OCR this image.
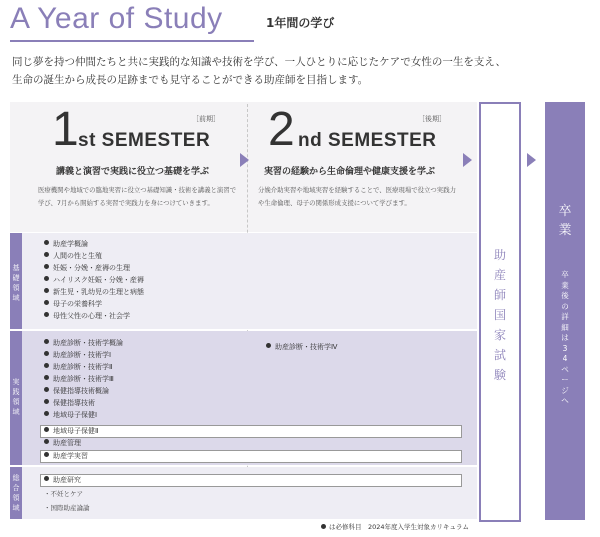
A Year of Study	1年間の学び
同じ夢を持つ仲間たちと共に実践的な知識や技術を学び、一人ひとりに応じたケアで女性の一生を支え、
生命の誕生から成長の足跡までも見守ることができる助産師を目指します。
［前期］
1 st SEMESTER
講義と演習で実践に役立つ基礎を学ぶ
医療機関や地域での臨地実習に役立つ基礎知識・技術を講義と演習で学び、7月から開始する実習で実践力を身につけていきます。
［後期］
2 nd SEMESTER
実習の経験から生命倫理や健康支援を学ぶ
分娩介助実習や地域実習を経験することで、医療現場で役立つ実践力や生命倫理、母子の関係形成支援について学びます。
基
礎
領
域
助産学概論
人間の性と生殖
妊娠・分娩・産褥の生理
ハイリスク妊娠・分娩・産褥
新生児・乳幼児の生理と病態
母子の栄養科学
母性父性の心理・社会学
実
践
領
域
助産診断・技術学概論
助産診断・技術学Ⅰ
助産診断・技術学Ⅱ
助産診断・技術学Ⅲ
保健指導技術概論
保健指導技術
地域母子保健Ⅰ
地域母子保健Ⅱ
助産管理
助産学実習
助産診断・技術学Ⅳ
総
合
領
域
助産研究
・不妊とケア
・国際助産論論
助
産
師
国
家
試
験
卒
業
卒
業
後
の
詳
細
は
3
4
ペ
ー
ジ
へ
は必修科目　2024年度入学生対象カリキュラム
